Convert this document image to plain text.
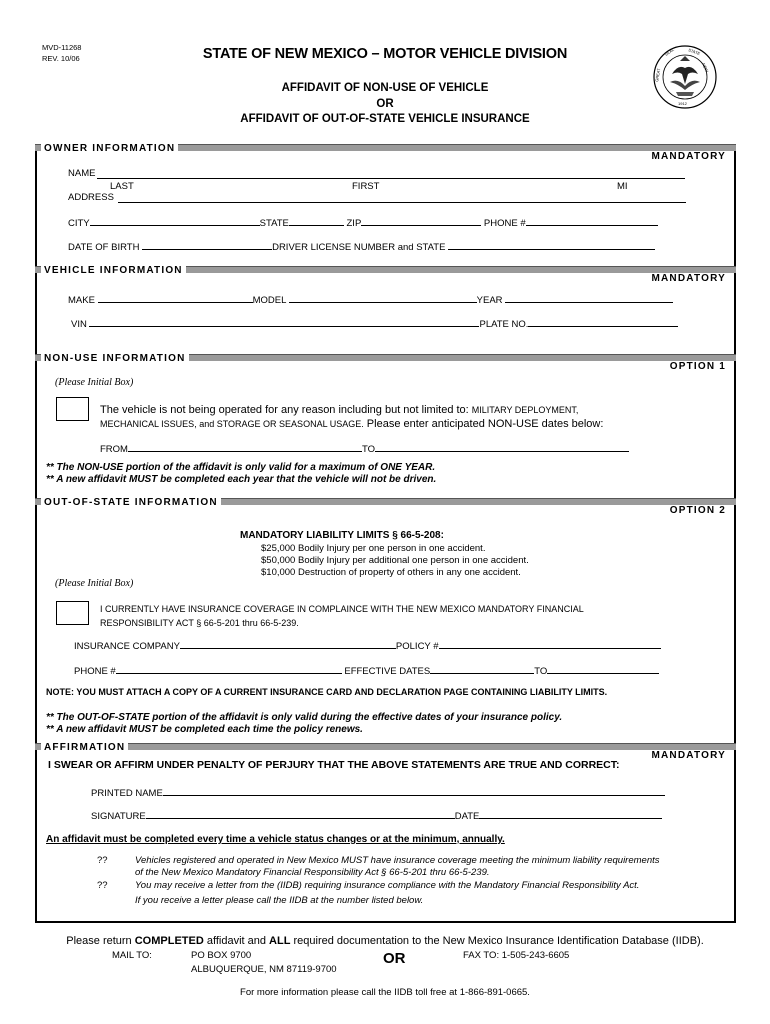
MVD-11268
REV. 10/06	STATE OF NEW MEXICO – MOTOR VEHICLE DIVISION
AFFIDAVIT OF NON-USE OF VEHICLE
OR
AFFIDAVIT OF OUT-OF-STATE VEHICLE INSURANCE
SEAL	STATE
NEW
GREAT
1912
OWNER INFORMATION
MANDATORY
NAME
LAST	FIRST	MI
ADDRESS
CITY	STATE	ZIP	PHONE #
DATE OF BIRTH	DRIVER LICENSE NUMBER and STATE
VEHICLE INFORMATION
MANDATORY
MAKE	MODEL	YEAR
VIN	PLATE NO.
NON-USE INFORMATION
OPTION 1
(Please Initial Box)
The vehicle is not being operated for any reason including but not limited to: MILITARY DEPLOYMENT,
MECHANICAL ISSUES, and STORAGE OR SEASONAL USAGE. Please enter anticipated NON-USE dates below:
FROM	TO
** The NON-USE portion of the affidavit is only valid for a maximum of ONE YEAR.
** A new affidavit MUST be completed each year that the vehicle will not be driven.
OUT-OF-STATE INFORMATION
OPTION 2
MANDATORY LIABILITY LIMITS § 66-5-208:
$25,000 Bodily Injury per one person in one accident.
$50,000 Bodily Injury per additional one person in one accident.
$10,000 Destruction of property of others in any one accident.
(Please Initial Box)
I CURRENTLY HAVE INSURANCE COVERAGE IN COMPLAINCE WITH THE NEW MEXICO MANDATORY FINANCIAL
RESPONSIBILITY ACT § 66-5-201 thru 66-5-239.
INSURANCE COMPANY	POLICY #
PHONE #	EFFECTIVE DATES	TO
NOTE: YOU MUST ATTACH A COPY OF A CURRENT INSURANCE CARD AND DECLARATION PAGE CONTAINING LIABILITY LIMITS.
** The OUT-OF-STATE portion of the affidavit is only valid during the effective dates of your insurance policy.
** A new affidavit MUST be completed each time the policy renews.
AFFIRMATION
MANDATORY
I SWEAR OR AFFIRM UNDER PENALTY OF PERJURY THAT THE ABOVE STATEMENTS ARE TRUE AND CORRECT:
PRINTED NAME
SIGNATURE	DATE
An affidavit must be completed every time a vehicle status changes or at the minimum, annually.
??	Vehicles registered and operated in New Mexico MUST have insurance coverage meeting the minimum liability requirements
of the New Mexico Mandatory Financial Responsibility Act § 66-5-201 thru 66-5-239.
??	You may receive a letter from the (IIDB) requiring insurance compliance with the Mandatory Financial Responsibility Act.
If you receive a letter please call the IIDB at the number listed below.
Please return COMPLETED affidavit and ALL required documentation to the New Mexico Insurance Identification Database (IIDB).
MAIL TO:	PO BOX 9700
ALBUQUERQUE, NM 87119-9700
OR	FAX TO: 1-505-243-6605
For more information please call the IIDB toll free at 1-866-891-0665.
